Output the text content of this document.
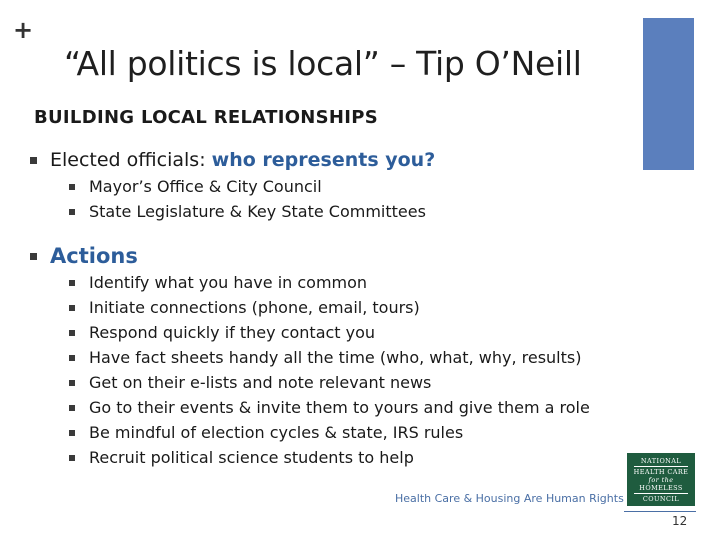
+
“All politics is local” – Tip O’Neill
BUILDING LOCAL RELATIONSHIPS
Elected officials:
who represents you?
Mayor’s Office & City Council
State Legislature & Key State Committees
Actions
Identify what you have in common
Initiate connections (phone, email, tours)
Respond quickly if they contact you
Have fact sheets handy all the time (who, what, why, results)
Get on their e-lists and note relevant news
Go to their events & invite them to yours and give them a role
Be mindful of election cycles & state, IRS rules
Recruit political science students to help	NATIONAL
HEALTH CARE
for the
HOMELESS
COUNCIL
Health Care & Housing Are Human Rights
12
